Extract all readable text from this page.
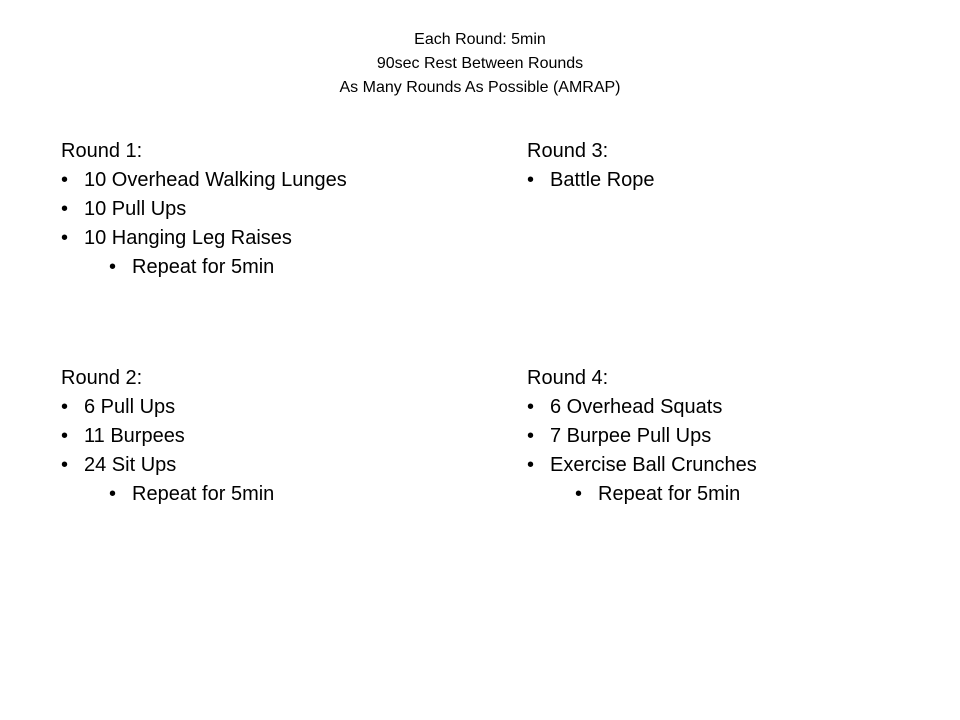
Each Round: 5min
90sec Rest Between Rounds
As Many Rounds As Possible (AMRAP)
Round 1:
• 10 Overhead Walking Lunges
• 10 Pull Ups
• 10 Hanging Leg Raises
• Repeat for 5min
Round 3:
• Battle Rope
Round 2:
• 6 Pull Ups
• 11 Burpees
• 24 Sit Ups
• Repeat for 5min
Round 4:
• 6 Overhead Squats
• 7 Burpee Pull Ups
• Exercise Ball Crunches
• Repeat for 5min
